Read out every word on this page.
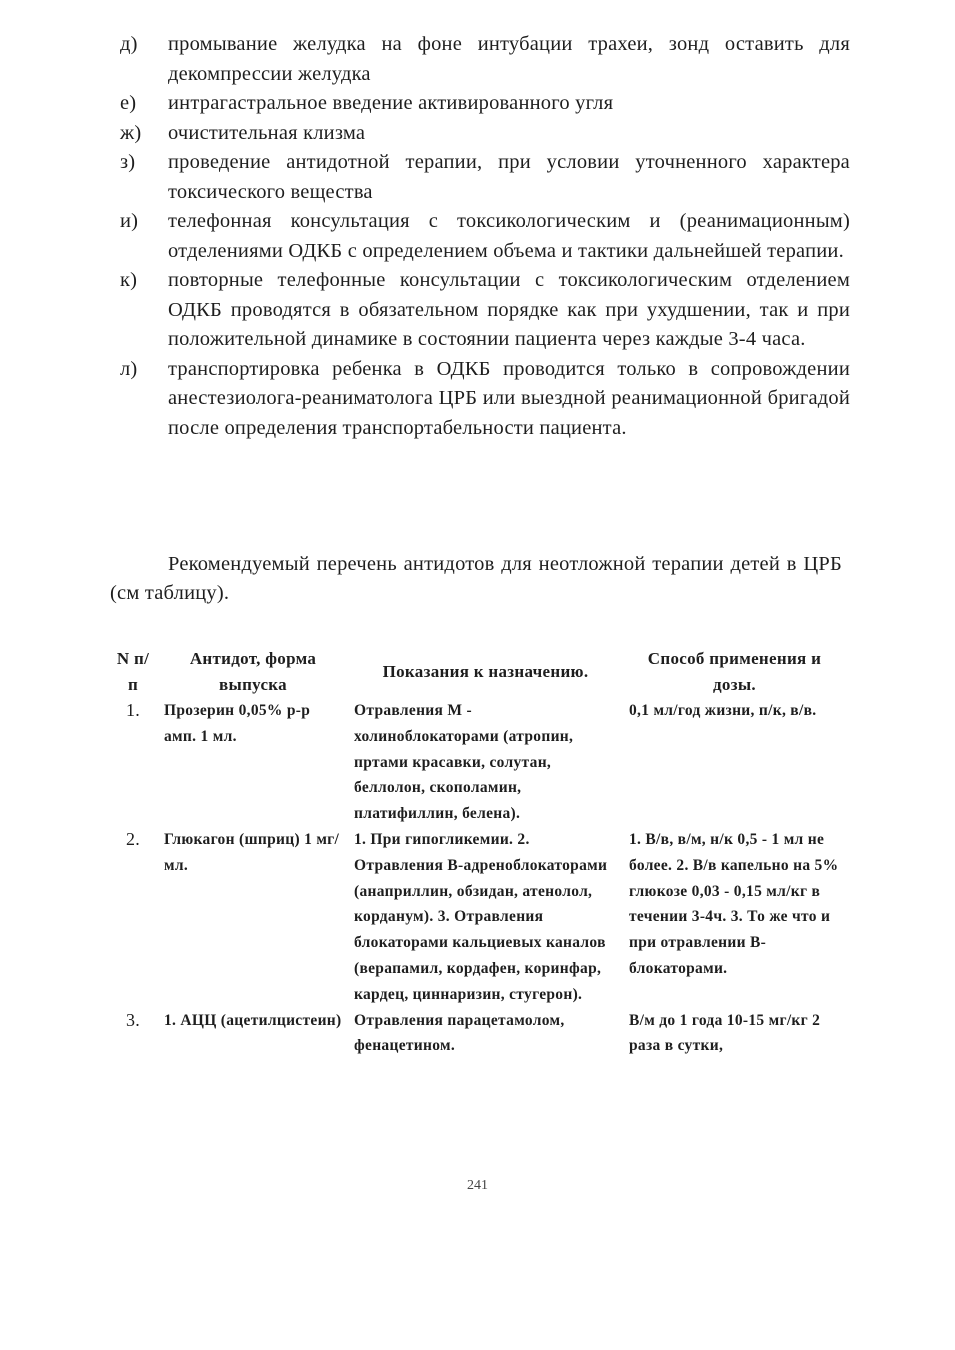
д)	промывание желудка на фоне интубации трахеи, зонд оставить для декомпрессии желудка
е)	интрагастральное введение активированного угля
ж)	очистительная клизма
з)	проведение антидотной терапии, при условии уточненного характера токсического вещества
и)	телефонная консультация с токсикологическим и (реанимационным) отделениями ОДКБ с определением объема и тактики дальнейшей терапии.
к)	повторные телефонные консультации с токсикологическим отделением ОДКБ проводятся в обязательном порядке как при ухудшении, так и при положительной динамике в состоянии пациента через каждые 3-4 часа.
л)	транспортировка ребенка в ОДКБ проводится только в сопровождении анестезиолога-реаниматолога ЦРБ или выездной реанимационной бригадой после определения транспортабельности пациента.

Рекомендуемый перечень антидотов для неотложной терапии детей в ЦРБ (см таблицу).

N п/п	Антидот, форма выпуска	Показания к назначению.	Способ применения и дозы.
1.	Прозерин 0,05% р-р амп. 1 мл.	Отравления М - холиноблокаторами (атропин, пртами красавки, солутан, беллолон, скополамин, платифиллин, белена).	0,1 мл/год жизни, п/к, в/в.
2.	Глюкагон (шприц) 1 мг/мл.	1. При гипогликемии. 2. Отравления В-адреноблокаторами (анаприллин, обзидан, атенолол, корданум). 3. Отравления блокаторами кальциевых каналов (верапамил, кордафен, коринфар, кардец, циннаризин, стугерон).	1. В/в, в/м, н/к 0,5 - 1 мл не более. 2. В/в капельно на 5% глюкозе 0,03 - 0,15 мл/кг в течении 3-4ч. 3. То же что и при отравлении В-блокаторами.
3.	1. АЦЦ (ацетилцистеин)	Отравления парацетамолом, фенацетином.	В/м до 1 года 10-15 мг/кг 2 раза в сутки,
241
